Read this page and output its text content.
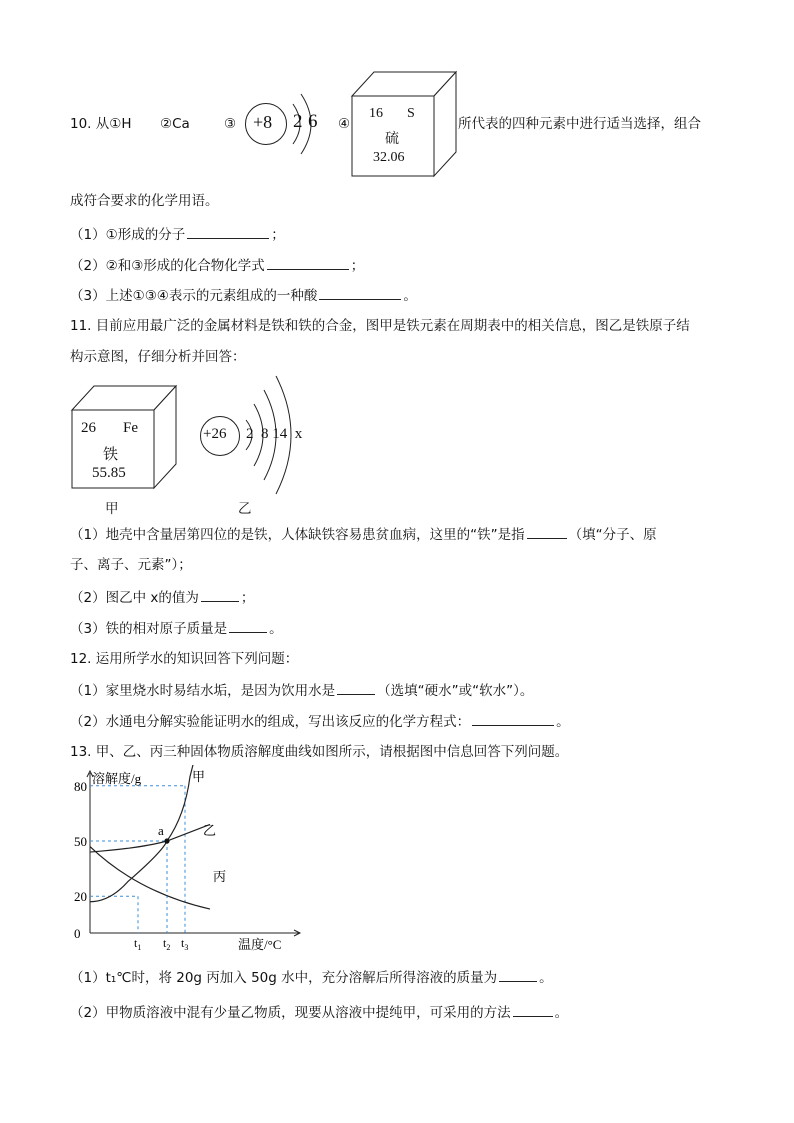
10. 从①H ②Ca	③ +8 2 6 ④
16 S
硫
32.06
所代表的四种元素中进行适当选择，组合
成符合要求的化学用语。
（1）①形成的分子	；
（2）②和③形成的化合物化学式	；
（3）上述①③④表示的元素组成的一种酸	。
11. 目前应用最广泛的金属材料是铁和铁的合金，图甲是铁元素在周期表中的相关信息，图乙是铁原子结
构示意图，仔细分析并回答：
26 Fe
铁
55.85
甲
+26 2  8 14  x
乙
（1）地壳中含量居第四位的是铁，人体缺铁容易患贫血病，这里的“铁”是指	（填“分子、原
子、离子、元素”）；
（2）图乙中 x的值为	；
（3）铁的相对原子质量是	。
12. 运用所学水的知识回答下列问题：
（1）家里烧水时易结水垢，是因为饮用水是	（选填“硬水”或“软水”）。
（2）水通电分解实验能证明水的组成，写出该反应的化学方程式：	。
13. 甲、乙、丙三种固体物质溶解度曲线如图所示，请根据图中信息回答下列问题。
溶解度/g
温度/°C
0
20
50
80
$t_1$ $t_2$ $t_3$
甲
乙
丙
a
（1）t₁℃时，将 20g 丙加入 50g 水中，充分溶解后所得溶液的质量为	。
（2）甲物质溶液中混有少量乙物质，现要从溶液中提纯甲，可采用的方法	。
